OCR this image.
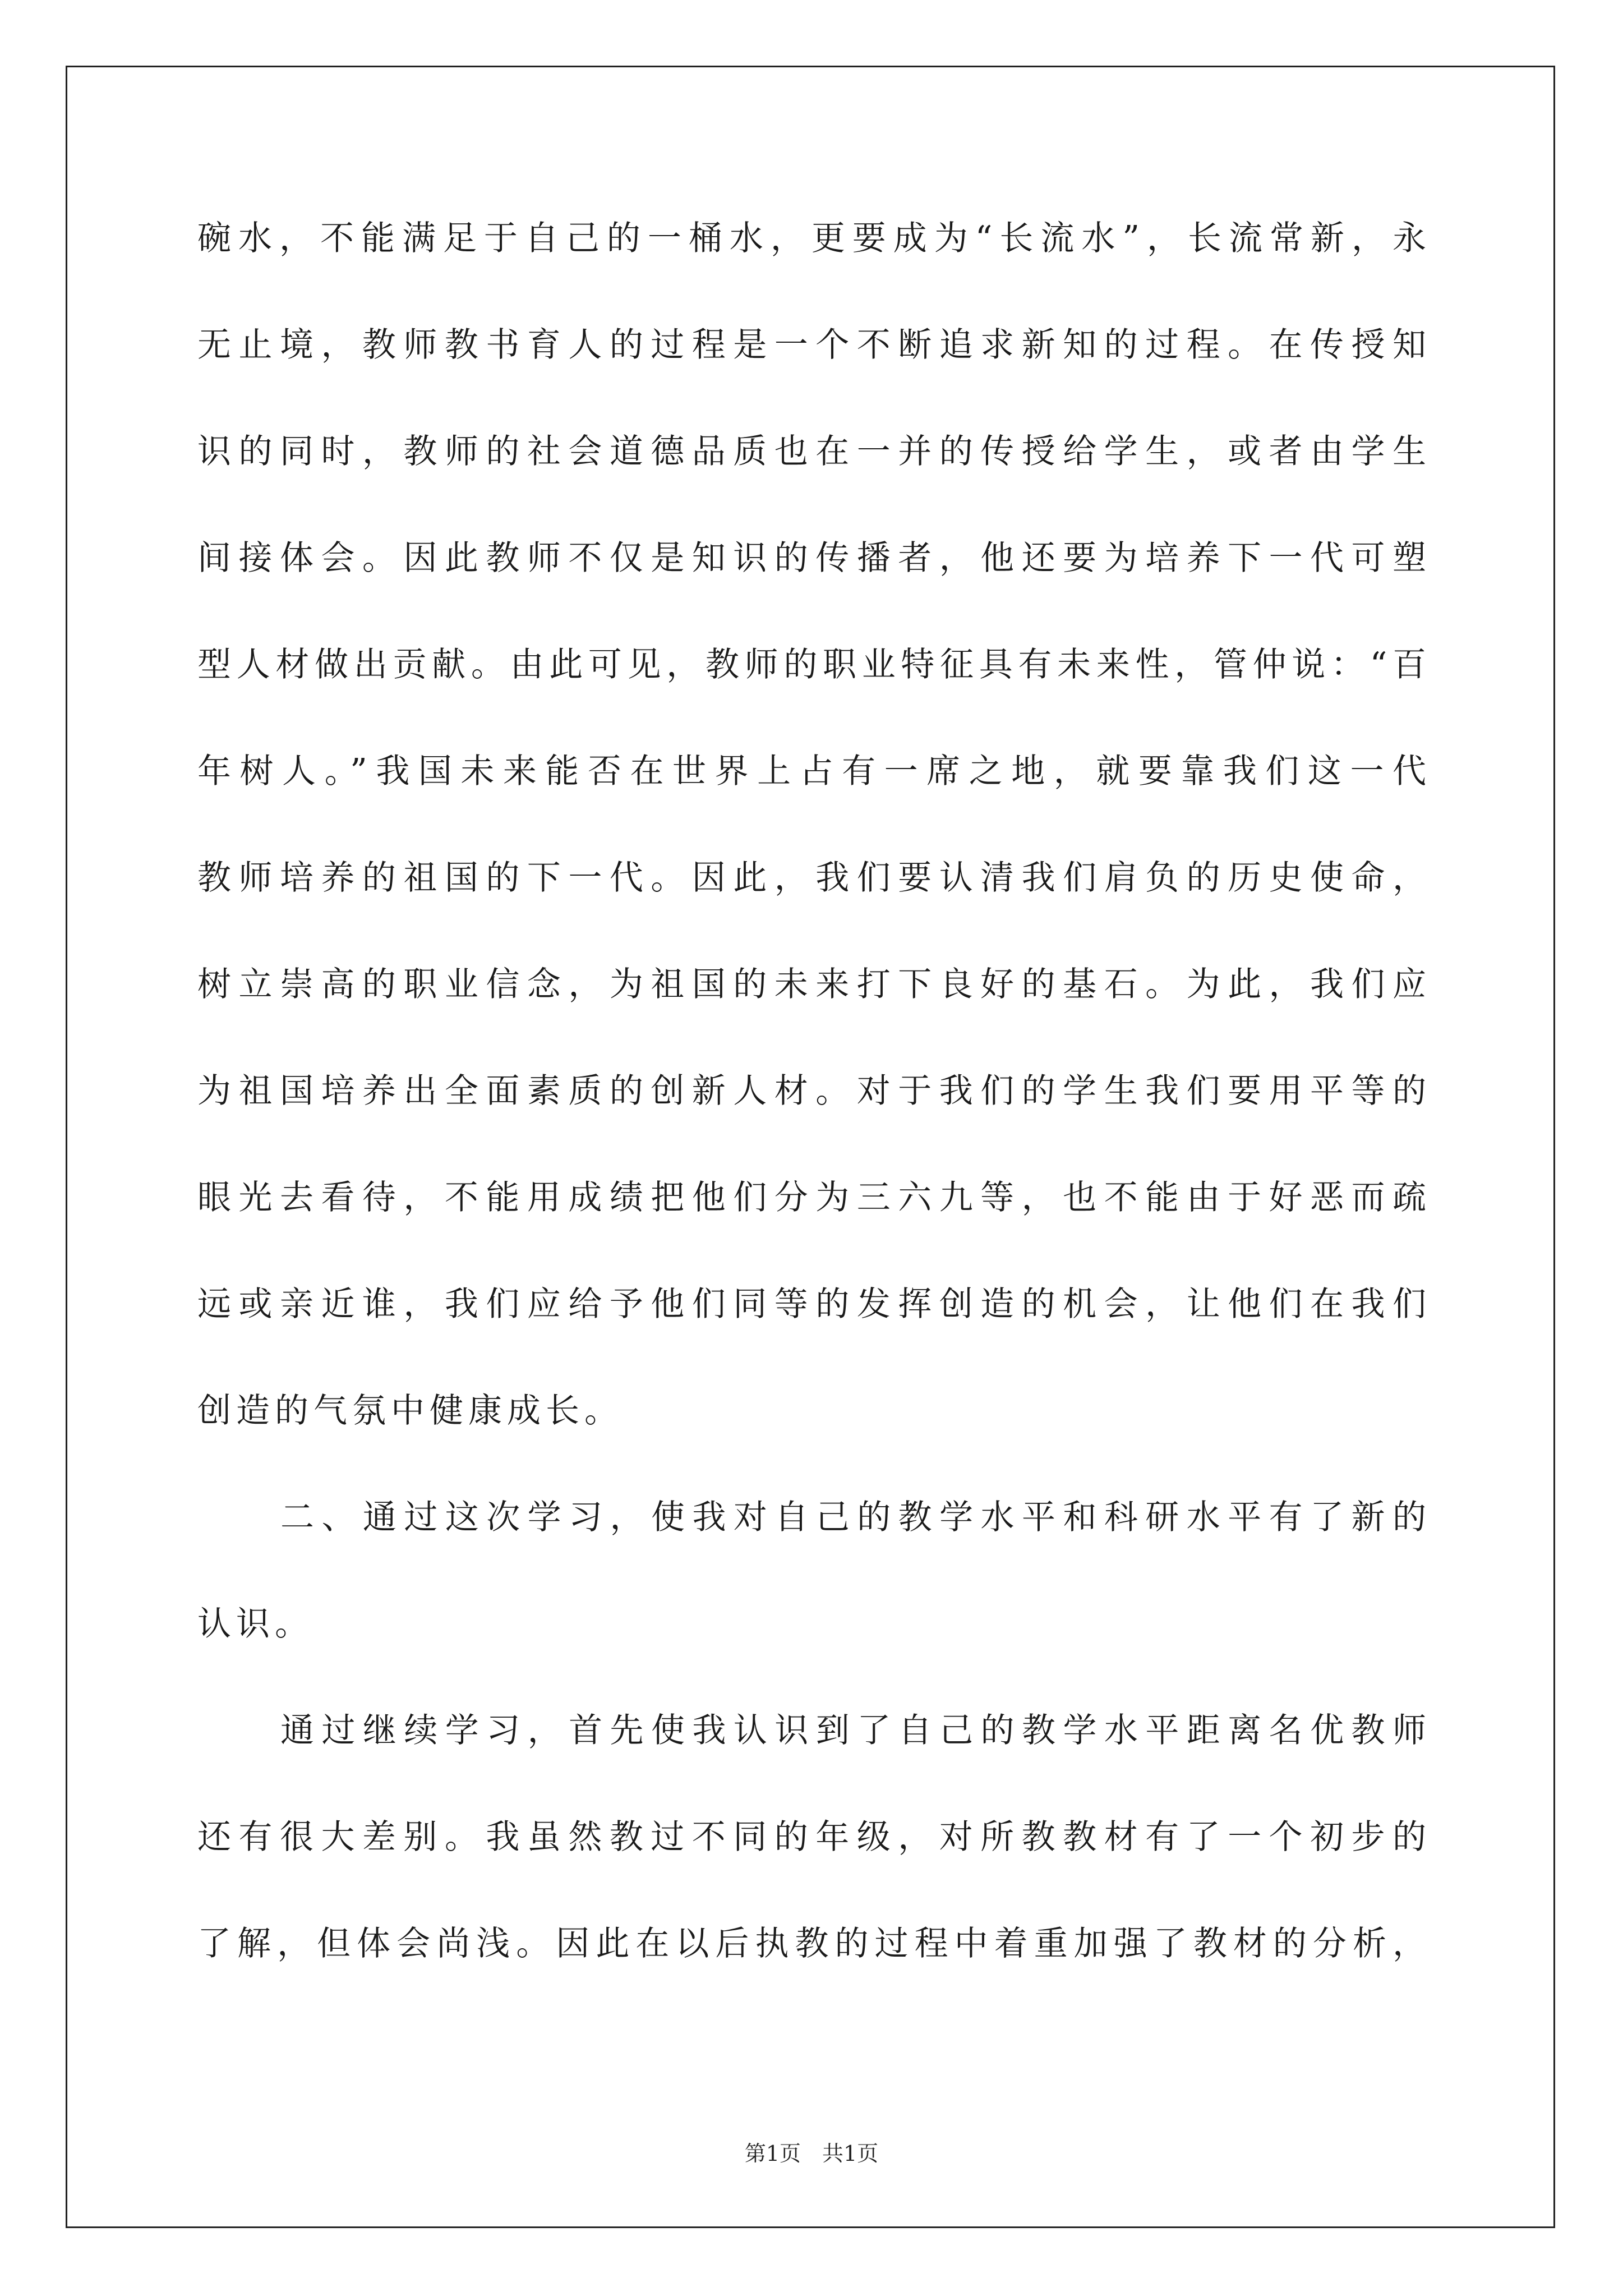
碗水，不能满足于自己的一桶水，更要成为“长流水”，长流常新，永
无止境，教师教书育人的过程是一个不断追求新知的过程。在传授知
识的同时，教师的社会道德品质也在一并的传授给学生，或者由学生
间接体会。因此教师不仅是知识的传播者，他还要为培养下一代可塑
型人材做出贡献。由此可见，教师的职业特征具有未来性，管仲说：“百
年树人。”我国未来能否在世界上占有一席之地，就要靠我们这一代
教师培养的祖国的下一代。因此，我们要认清我们肩负的历史使命，
树立崇高的职业信念，为祖国的未来打下良好的基石。为此，我们应
为祖国培养出全面素质的创新人材。对于我们的学生我们要用平等的
眼光去看待，不能用成绩把他们分为三六九等，也不能由于好恶而疏
远或亲近谁，我们应给予他们同等的发挥创造的机会，让他们在我们
创造的气氛中健康成长。
二、通过这次学习，使我对自己的教学水平和科研水平有了新的
认识。
通过继续学习，首先使我认识到了自己的教学水平距离名优教师
还有很大差别。我虽然教过不同的年级，对所教教材有了一个初步的
了解，但体会尚浅。因此在以后执教的过程中着重加强了教材的分析，
第1页　共1页
